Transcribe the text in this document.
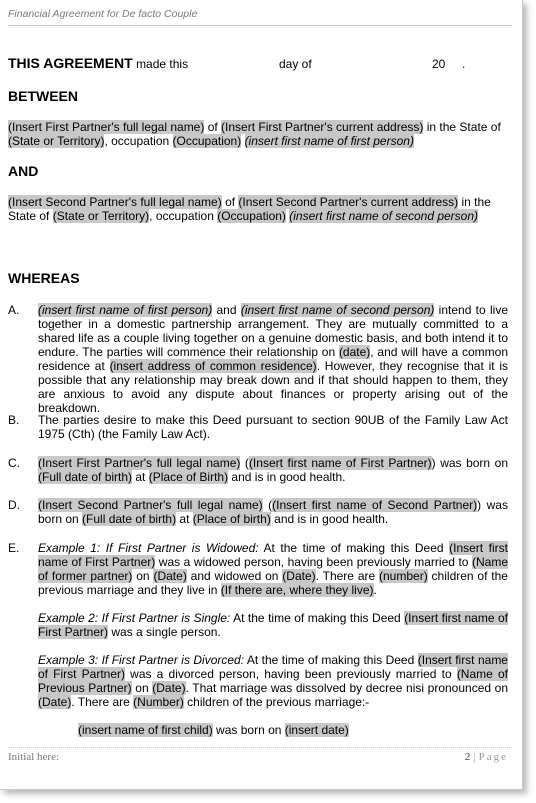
Financial Agreement for De facto Couple
THIS AGREEMENT made this	day of	20 .
BETWEEN
(Insert First Partner's full legal name) of (Insert First Partner's current address) in the State of (State or Territory), occupation (Occupation) (insert first name of first person)
AND
(Insert Second Partner's full legal name) of (Insert Second Partner's current address) in the State of (State or Territory), occupation (Occupation) (insert first name of second person)
WHEREAS
A. (insert first name of first person) and (insert first name of second person) intend to live together in a domestic partnership arrangement. They are mutually committed to a shared life as a couple living together on a genuine domestic basis, and both intend it to endure. The parties will commence their relationship on (date), and will have a common residence at (insert address of common residence). However, they recognise that it is possible that any relationship may break down and if that should happen to them, they are anxious to avoid any dispute about finances or property arising out of the breakdown.
B. The parties desire to make this Deed pursuant to section 90UB of the Family Law Act 1975 (Cth) (the Family Law Act).
C. (Insert First Partner's full legal name) ((Insert first name of First Partner)) was born on (Full date of birth) at (Place of Birth) and is in good health.
D. (Insert Second Partner's full legal name) ((Insert first name of Second Partner)) was born on (Full date of birth) at (Place of birth) and is in good health.
E. Example 1: If First Partner is Widowed: At the time of making this Deed (Insert first name of First Partner) was a widowed person, having been previously married to (Name of former partner) on (Date) and widowed on (Date). There are (number) children of the previous marriage and they live in (If there are, where they live).
Example 2: If First Partner is Single: At the time of making this Deed (Insert first name of First Partner) was a single person.
Example 3: If First Partner is Divorced: At the time of making this Deed (Insert first name of First Partner) was a divorced person, having been previously married to (Name of Previous Partner) on (Date). That marriage was dissolved by decree nisi pronounced on (Date). There are (Number) children of the previous marriage:-
(insert name of first child) was born on (insert date)
Initial here:	2 | Page
